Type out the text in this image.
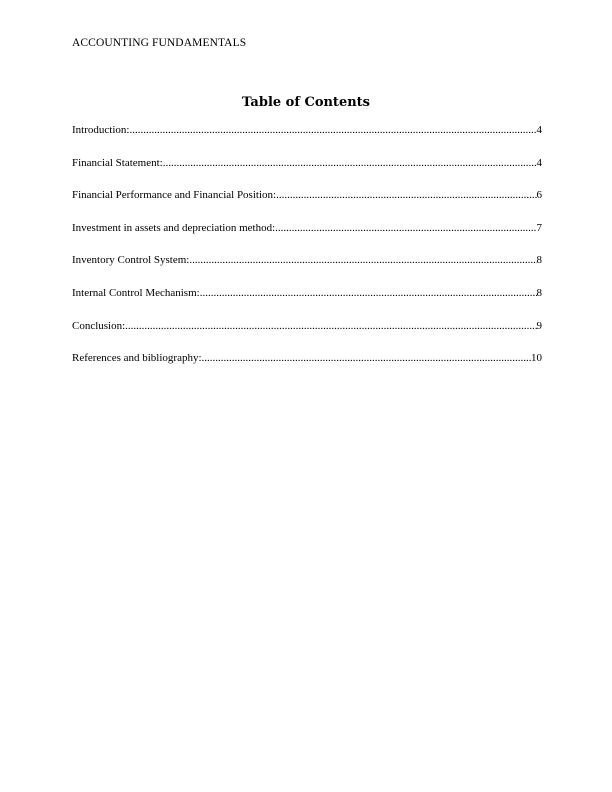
ACCOUNTING FUNDAMENTALS
Table of Contents
Introduction: .....	4
Financial Statement: .....	4
Financial Performance and Financial Position: .....	6
Investment in assets and depreciation method: .....	7
Inventory Control System: .....	8
Internal Control Mechanism: .....	8
Conclusion: .....	9
References and bibliography: .....	10
